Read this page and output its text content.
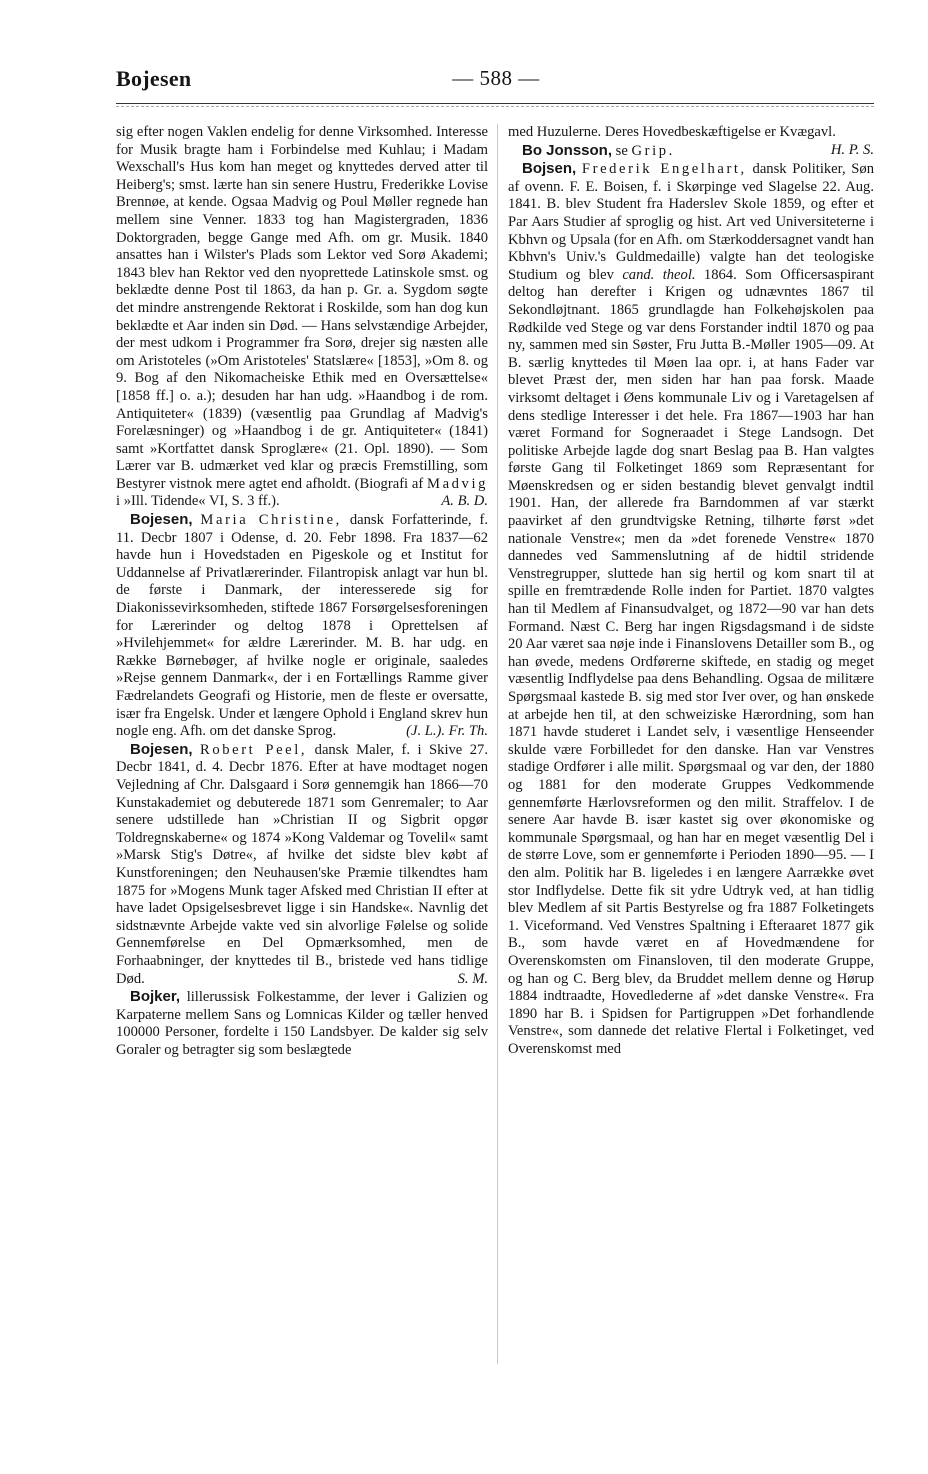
Bojesen	— 588 —

sig efter nogen Vaklen endelig for denne Virksomhed. Interesse for Musik bragte ham i Forbindelse med Kuhlau; i Madam Wexschall's Hus kom han meget og knyttedes derved atter til Heiberg's; smst. lærte han sin senere Hustru, Frederikke Lovise Brennøe, at kende. Ogsaa Madvig og Poul Møller regnede han mellem sine Venner. 1833 tog han Magistergraden, 1836 Doktorgraden, begge Gange med Afh. om gr. Musik. 1840 ansattes han i Wilster's Plads som Lektor ved Sorø Akademi; 1843 blev han Rektor ved den nyoprettede Latinskole smst. og beklædte denne Post til 1863, da han p. Gr. a. Sygdom søgte det mindre anstrengende Rektorat i Roskilde, som han dog kun beklædte et Aar inden sin Død. — Hans selvstændige Arbejder, der mest udkom i Programmer fra Sorø, drejer sig næsten alle om Aristoteles (»Om Aristoteles' Statslære« [1853], »Om 8. og 9. Bog af den Nikomacheiske Ethik med en Oversættelse« [1858 ff.] o. a.); desuden har han udg. »Haandbog i de rom. Antiquiteter« (1839) (væsentlig paa Grundlag af Madvig's Forelæsninger) og »Haandbog i de gr. Antiquiteter« (1841) samt »Kortfattet dansk Sproglære« (21. Opl. 1890). — Som Lærer var B. udmærket ved klar og præcis Fremstilling, som Bestyrer vistnok mere agtet end afholdt. (Biografi af Madvig i »Ill. Tidende« VI, S. 3 ff.).	A. B. D.

Bojesen, Maria Christine, dansk Forfatterinde, f. 11. Decbr 1807 i Odense, d. 20. Febr 1898. Fra 1837—62 havde hun i Hovedstaden en Pigeskole og et Institut for Uddannelse af Privatlærerinder. Filantropisk anlagt var hun bl. de første i Danmark, der interesserede sig for Diakonissevirksomheden, stiftede 1867 Forsørgelsesforeningen for Lærerinder og deltog 1878 i Oprettelsen af »Hvilehjemmet« for ældre Lærerinder. M. B. har udg. en Række Børnebøger, af hvilke nogle er originale, saaledes »Rejse gennem Danmark«, der i en Fortællings Ramme giver Fædrelandets Geografi og Historie, men de fleste er oversatte, især fra Engelsk. Under et længere Ophold i England skrev hun nogle eng. Afh. om det danske Sprog.	(J. L.). Fr. Th.

Bojesen, Robert Peel, dansk Maler, f. i Skive 27. Decbr 1841, d. 4. Decbr 1876. Efter at have modtaget nogen Vejledning af Chr. Dalsgaard i Sorø gennemgik han 1866—70 Kunstakademiet og debuterede 1871 som Genremaler; to Aar senere udstillede han »Christian II og Sigbrit opgør Toldregnskaberne« og 1874 »Kong Valdemar og Tovelil« samt »Marsk Stig's Døtre«, af hvilke det sidste blev købt af Kunstforeningen; den Neuhausen'ske Præmie tilkendtes ham 1875 for »Mogens Munk tager Afsked med Christian II efter at have ladet Opsigelsesbrevet ligge i sin Handske«. Navnlig det sidstnævnte Arbejde vakte ved sin alvorlige Følelse og solide Gennemførelse en Del Opmærksomhed, men de Forhaabninger, der knyttedes til B., bristede ved hans tidlige Død.	S. M.

Bojker, lillerussisk Folkestamme, der lever i Galizien og Karpaterne mellem Sans og Lomnicas Kilder og tæller henved 100000 Personer, fordelte i 150 Landsbyer. De kalder sig selv Goraler og betragter sig som beslægtede

med Huzulerne. Deres Hovedbeskæftigelse er Kvægavl.
H. P. S.

Bo Jonsson, se Grip.

Bojsen, Frederik Engelhart, dansk Politiker, Søn af ovenn. F. E. Boisen, f. i Skørpinge ved Slagelse 22. Aug. 1841. B. blev Student fra Haderslev Skole 1859, og efter et Par Aars Studier af sproglig og hist. Art ved Universiteterne i Kbhvn og Upsala (for en Afh. om Stærkoddersagnet vandt han Kbhvn's Univ.'s Guldmedaille) valgte han det teologiske Studium og blev cand. theol. 1864. Som Officersaspirant deltog han derefter i Krigen og udnævntes 1867 til Sekondløjtnant. 1865 grundlagde han Folkehøjskolen paa Rødkilde ved Stege og var dens Forstander indtil 1870 og paa ny, sammen med sin Søster, Fru Jutta B.-Møller 1905—09. At B. særlig knyttedes til Møen laa opr. i, at hans Fader var blevet Præst der, men siden har han paa forsk. Maade virksomt deltaget i Øens kommunale Liv og i Varetagelsen af dens stedlige Interesser i det hele. Fra 1867—1903 har han været Formand for Sogneraadet i Stege Landsogn. Det politiske Arbejde lagde dog snart Beslag paa B. Han valgtes første Gang til Folketinget 1869 som Repræsentant for Møenskredsen og er siden bestandig blevet genvalgt indtil 1901. Han, der allerede fra Barndommen af var stærkt paavirket af den grundtvigske Retning, tilhørte først »det nationale Venstre«; men da »det forenede Venstre« 1870 dannedes ved Sammenslutning af de hidtil stridende Venstregrupper, sluttede han sig hertil og kom snart til at spille en fremtrædende Rolle inden for Partiet. 1870 valgtes han til Medlem af Finansudvalget, og 1872—90 var han dets Formand. Næst C. Berg har ingen Rigsdagsmand i de sidste 20 Aar været saa nøje inde i Finanslovens Detailler som B., og han øvede, medens Ordførerne skiftede, en stadig og meget væsentlig Indflydelse paa dens Behandling. Ogsaa de militære Spørgsmaal kastede B. sig med stor Iver over, og han ønskede at arbejde hen til, at den schweiziske Hærordning, som han 1871 havde studeret i Landet selv, i væsentlige Henseender skulde være Forbilledet for den danske. Han var Venstres stadige Ordfører i alle milit. Spørgsmaal og var den, der 1880 og 1881 for den moderate Gruppes Vedkommende gennemførte Hærlovsreformen og den milit. Straffelov. I de senere Aar havde B. især kastet sig over økonomiske og kommunale Spørgsmaal, og han har en meget væsentlig Del i de større Love, som er gennemførte i Perioden 1890—95. — I den alm. Politik har B. ligeledes i en længere Aarrække øvet stor Indflydelse. Dette fik sit ydre Udtryk ved, at han tidlig blev Medlem af sit Partis Bestyrelse og fra 1887 Folketingets 1. Viceformand. Ved Venstres Spaltning i Efteraaret 1877 gik B., som havde været en af Hovedmændene for Overenskomsten om Finansloven, til den moderate Gruppe, og han og C. Berg blev, da Bruddet mellem denne og Hørup 1884 indtraadte, Hovedlederne af »det danske Venstre«. Fra 1890 har B. i Spidsen for Partigruppen »Det forhandlende Venstre«, som dannede det relative Flertal i Folketinget, ved Overenskomst med
